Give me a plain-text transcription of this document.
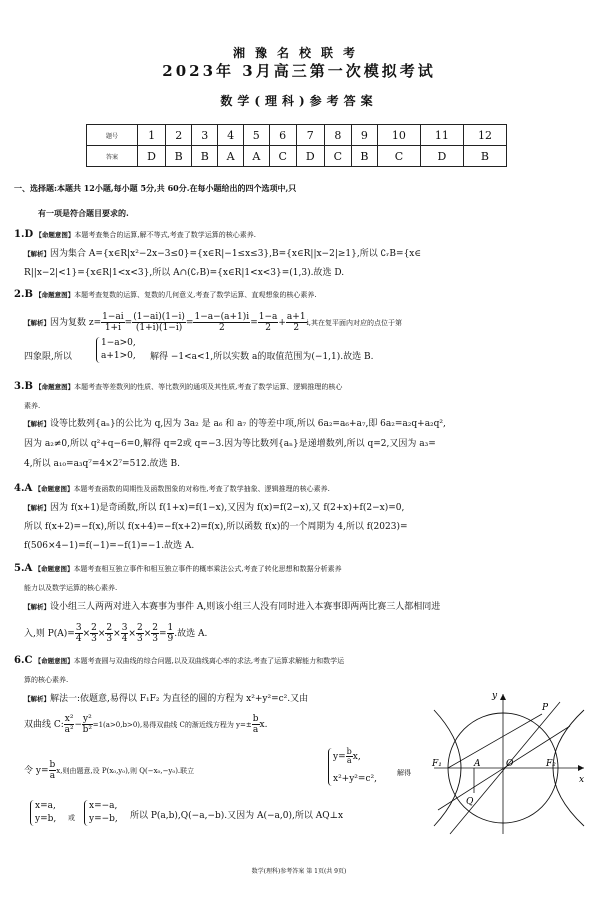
湘豫名校联考
2023年 3月高三第一次模拟考试
数学(理科)参考答案
题号	1	2	3	4	5	6	7	8	9	10	11	12
答案	D	B	B	A	A	C	D	C	B	C	D	B
一、选择题:本题共 12小题,每小题 5分,共 60分.在每小题给出的四个选项中,只
有一项是符合题目要求的.
1.D 【命题意图】本题考查集合的运算,解不等式,考查了数学运算的核心素养.
【解析】因为集合 A={x∈R|x²−2x−3≤0}={x∈R|−1≤x≤3},B={x∈R||x−2|≥1},所以 ∁ᵣB={x∈
R||x−2|<1}={x∈R|1<x<3},所以 A∩(∁ᵣB)={x∈R|1<x<3}=(1,3).故选 D.
2.B 【命题意图】本题考查复数的运算、复数的几何意义,考查了数学运算、直观想象的核心素养.
【解析】因为复数 $z= \frac{1-ai}{1+i} = \frac{(1-ai)(1-i)}{(1+i)(1-i)} = \frac{1-a-(a+1)i}{2} = \frac{1-a}{2} + \frac{a+1}{2} i$,其在复平面内对应的点位于第
四象限,所以
1−a>0,
a+1>0, 解得 −1<a<1,所以实数 a的取值范围为(−1,1).故选 B.
3.B 【命题意图】本题考查等差数列的性质、等比数列的通项及其性质,考查了数学运算、逻辑推理的核心
素养.
【解析】设等比数列{aₙ}的公比为 q,因为 3a₂ 是 a₆ 和 a₇ 的等差中项,所以 6a₂=a₆+a₇,即 6a₂=a₂q+a₂q²,
因为 a₂≠0,所以 q²+q−6=0,解得 q=2或 q=−3.因为等比数列{aₙ}是递增数列,所以 q=2,又因为 a₃=
4,所以 a₁₀=a₃q⁷=4×2⁷=512.故选 B.
4.A 【命题意图】本题考查函数的周期性及函数图象的对称性,考查了数学抽象、逻辑推理的核心素养.
【解析】因为 f(x+1)是奇函数,所以 f(1+x)=f(1−x),又因为 f(x)=f(2−x),又 f(2+x)+f(2−x)=0,
所以 f(x+2)=−f(x),所以 f(x+4)=−f(x+2)=f(x),所以函数 f(x)的一个周期为 4,所以 f(2023)=
f(506×4−1)=f(−1)=−f(1)=−1.故选 A.
5.A 【命题意图】本题考查相互独立事件和相互独立事件的概率乘法公式,考查了转化思想和数据分析素养
能力以及数学运算的核心素养.
【解析】设小组三人两两对进入本赛事为事件 A,则该小组三人没有同时进入本赛事即两两比赛三人都相同进
入,则 $P(A)= \frac{3}{4} \times \frac{2}{3} \times \frac{2}{3} \times \frac{3}{4} \times \frac{2}{3} \times \frac{2}{3} = \frac{1}{9}$ .故选 A.
6.C 【命题意图】本题考查圆与双曲线的综合问题,以及双曲线离心率的求法,考查了运算求解能力和数学运
算的核心素养.
【解析】解法一:依题意,易得以 F₁F₂ 为直径的圆的方程为 x²+y²=c².又由
双曲线 C: $\frac{\text{x²}}{\text{a²}} - \frac{\text{y²}}{\text{b²}} =1(a>0,b>0)$,易得双曲线 C的渐近线方程为 $y=\pm \frac{b}{a} x$.
令 $y= \frac{b}{a} x$,则由题意,设 P(x₀,y₀),则 Q(−x₀,−y₀).联立
$y= \frac{b}{a} x$,
x²+y²=c²,
解得
x=a,
y=b, 或
x=−a,
y=−b, 所以 P(a,b),Q(−a,−b).又因为 A(−a,0),所以 AQ⊥x
y
x
P
F₁	A	O	F₂
Q
数学(理科)参考答案 第 1页(共 9页)
